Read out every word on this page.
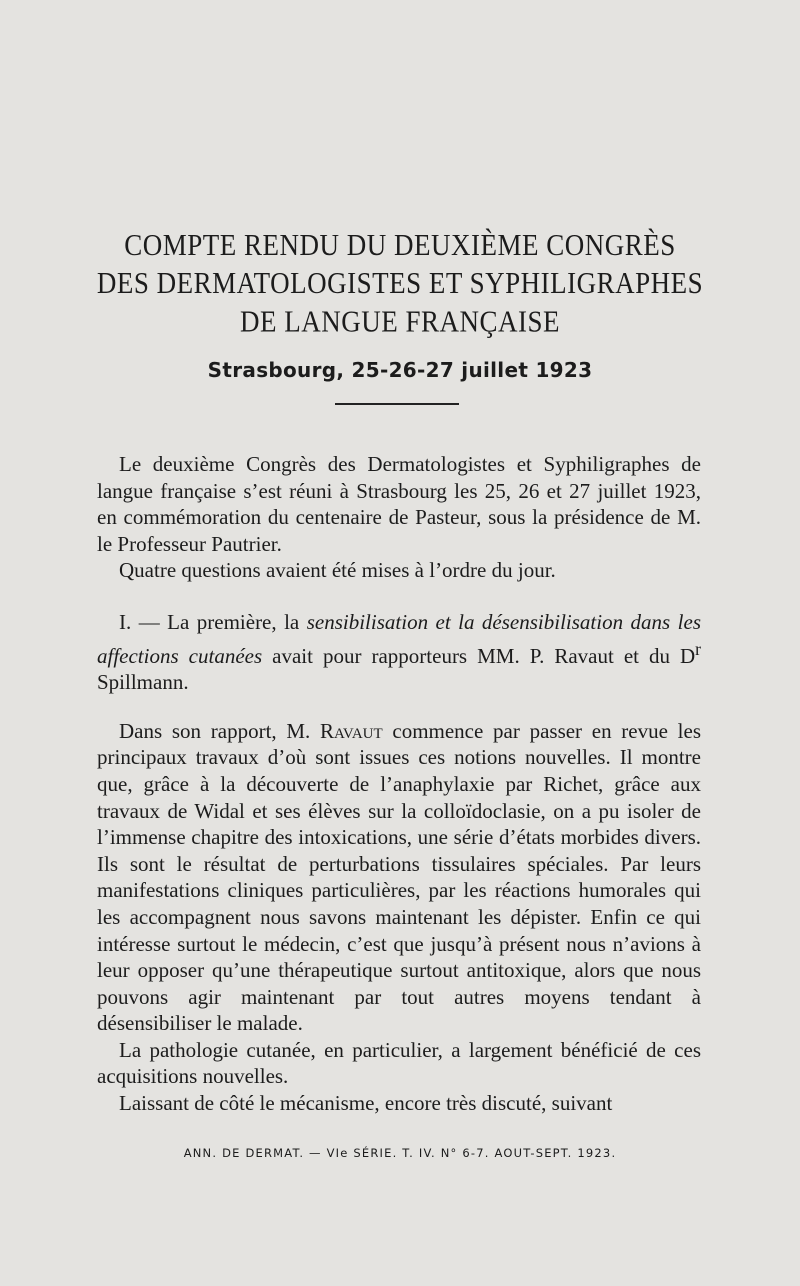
COMPTE RENDU DU DEUXIÈME CONGRÈS
DES DERMATOLOGISTES ET SYPHILIGRAPHES
DE LANGUE FRANÇAISE
Strasbourg, 25-26-27 juillet 1923

Le deuxième Congrès des Dermatologistes et Syphiligraphes de langue française s’est réuni à Strasbourg les 25, 26 et 27 juillet 1923, en commémoration du centenaire de Pasteur, sous la présidence de M. le Professeur Pautrier.

Quatre questions avaient été mises à l’ordre du jour.

I. — La première, la sensibilisation et la désensibilisation dans les affections cutanées avait pour rapporteurs MM. P. Ravaut et du $D^r$ Spillmann.

Dans son rapport, M. Ravaut commence par passer en revue les principaux travaux d’où sont issues ces notions nouvelles. Il montre que, grâce à la découverte de l’anaphylaxie par Richet, grâce aux travaux de Widal et ses élèves sur la colloïdoclasie, on a pu isoler de l’immense chapitre des intoxications, une série d’états morbides divers. Ils sont le résultat de perturbations tissulaires spéciales. Par leurs manifestations cliniques particulières, par les réactions humorales qui les accompagnent nous savons maintenant les dépister. Enfin ce qui intéresse surtout le médecin, c’est que jusqu’à présent nous n’avions à leur opposer qu’une thérapeutique surtout antitoxique, alors que nous pouvons agir maintenant par tout autres moyens tendant à désensibiliser le malade.

La pathologie cutanée, en particulier, a largement bénéficié de ces acquisitions nouvelles.

Laissant de côté le mécanisme, encore très discuté, suivant

ANN. DE DERMAT. — VIe SÉRIE. T. IV. N° 6-7. AOUT-SEPT. 1923.
